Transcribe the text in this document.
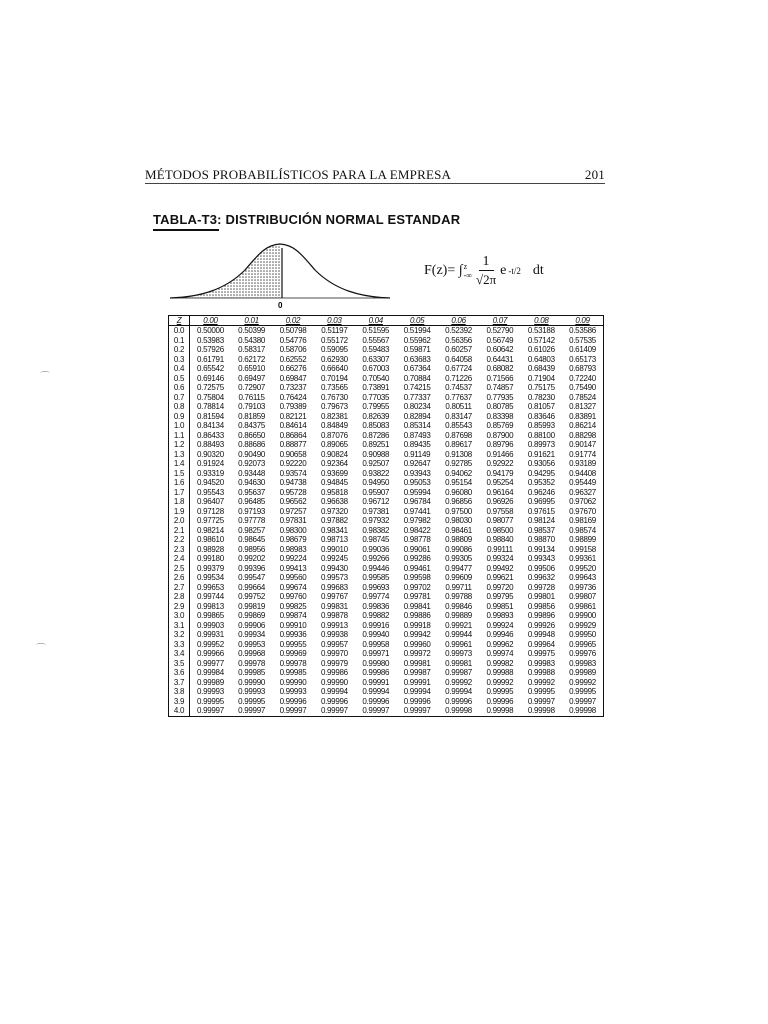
MÉTODOS PROBABILÍSTICOS PARA LA EMPRESA	201
TABLA-T3: DISTRIBUCIÓN NORMAL ESTANDAR
0
F(z)= ∫ z
-∞ $\frac{1}{√2\pi}$ e -t/2 dt
Z	0.00	0.01	0.02	0.03	0.04	0.05	0.06	0.07	0.08	0.09
0.0	0.50000	0.50399	0.50798	0.51197	0.51595	0.51994	0.52392	0.52790	0.53188	0.53586
0.1	0.53983	0.54380	0.54776	0.55172	0.55567	0.55962	0.56356	0.56749	0.57142	0.57535
0.2	0.57926	0.58317	0.58706	0.59095	0.59483	0.59871	0.60257	0.60642	0.61026	0.61409
0.3	0.61791	0.62172	0.62552	0.62930	0.63307	0.63683	0.64058	0.64431	0.64803	0.65173
0.4	0.65542	0.65910	0.66276	0.66640	0.67003	0.67364	0.67724	0.68082	0.68439	0.68793
0.5	0.69146	0.69497	0.69847	0.70194	0.70540	0.70884	0.71226	0.71566	0.71904	0.72240
0.6	0.72575	0.72907	0.73237	0.73565	0.73891	0.74215	0.74537	0.74857	0.75175	0.75490
0.7	0.75804	0.76115	0.76424	0.76730	0.77035	0.77337	0.77637	0.77935	0.78230	0.78524
0.8	0.78814	0.79103	0.79389	0.79673	0.79955	0.80234	0.80511	0.80785	0.81057	0.81327
0.9	0.81594	0.81859	0.82121	0.82381	0.82639	0.82894	0.83147	0.83398	0.83646	0.83891
1.0	0.84134	0.84375	0.84614	0.84849	0.85083	0.85314	0.85543	0.85769	0.85993	0.86214
1.1	0.86433	0.86650	0.86864	0.87076	0.87286	0.87493	0.87698	0.87900	0.88100	0.88298
1.2	0.88493	0.88686	0.88877	0.89065	0.89251	0.89435	0.89617	0.89796	0.89973	0.90147
1.3	0.90320	0.90490	0.90658	0.90824	0.90988	0.91149	0.91308	0.91466	0.91621	0.91774
1.4	0.91924	0.92073	0.92220	0.92364	0.92507	0.92647	0.92785	0.92922	0.93056	0.93189
1.5	0.93319	0.93448	0.93574	0.93699	0.93822	0.93943	0.94062	0.94179	0.94295	0.94408
1.6	0.94520	0.94630	0.94738	0.94845	0.94950	0.95053	0.95154	0.95254	0.95352	0.95449
1.7	0.95543	0.95637	0.95728	0.95818	0.95907	0.95994	0.96080	0.96164	0.96246	0.96327
1.8	0.96407	0.96485	0.96562	0.96638	0.96712	0.96784	0.96856	0.96926	0.96995	0.97062
1.9	0.97128	0.97193	0.97257	0.97320	0.97381	0.97441	0.97500	0.97558	0.97615	0.97670
2.0	0.97725	0.97778	0.97831	0.97882	0.97932	0.97982	0.98030	0.98077	0.98124	0.98169
2.1	0.98214	0.98257	0.98300	0.98341	0.98382	0.98422	0.98461	0.98500	0.98537	0.98574
2.2	0.98610	0.98645	0.98679	0.98713	0.98745	0.98778	0.98809	0.98840	0.98870	0.98899
2.3	0.98928	0.98956	0.98983	0.99010	0.99036	0.99061	0.99086	0.99111	0.99134	0.99158
2.4	0.99180	0.99202	0.99224	0.99245	0.99266	0.99286	0.99305	0.99324	0.99343	0.99361
2.5	0.99379	0.99396	0.99413	0.99430	0.99446	0.99461	0.99477	0.99492	0.99506	0.99520
2.6	0.99534	0.99547	0.99560	0.99573	0.99585	0.99598	0.99609	0.99621	0.99632	0.99643
2.7	0.99653	0.99664	0.99674	0.99683	0.99693	0.99702	0.99711	0.99720	0.99728	0.99736
2.8	0.99744	0.99752	0.99760	0.99767	0.99774	0.99781	0.99788	0.99795	0.99801	0.99807
2.9	0.99813	0.99819	0.99825	0.99831	0.99836	0.99841	0.99846	0.99851	0.99856	0.99861
3.0	0.99865	0.99869	0.99874	0.99878	0.99882	0.99886	0.99889	0.99893	0.99896	0.99900
3.1	0.99903	0.99906	0.99910	0.99913	0.99916	0.99918	0.99921	0.99924	0.99926	0.99929
3.2	0.99931	0.99934	0.99936	0.99938	0.99940	0.99942	0.99944	0.99946	0.99948	0.99950
3.3	0.99952	0.99953	0.99955	0.99957	0.99958	0.99960	0.99961	0.99962	0.99964	0.99965
3.4	0.99966	0.99968	0.99969	0.99970	0.99971	0.99972	0.99973	0.99974	0.99975	0.99976
3.5	0.99977	0.99978	0.99978	0.99979	0.99980	0.99981	0.99981	0.99982	0.99983	0.99983
3.6	0.99984	0.99985	0.99985	0.99986	0.99986	0.99987	0.99987	0.99988	0.99988	0.99989
3.7	0.99989	0.99990	0.99990	0.99990	0.99991	0.99991	0.99992	0.99992	0.99992	0.99992
3.8	0.99993	0.99993	0.99993	0.99994	0.99994	0.99994	0.99994	0.99995	0.99995	0.99995
3.9	0.99995	0.99995	0.99996	0.99996	0.99996	0.99996	0.99996	0.99996	0.99997	0.99997
4.0	0.99997	0.99997	0.99997	0.99997	0.99997	0.99997	0.99998	0.99998	0.99998	0.99998
⌒
⌒
